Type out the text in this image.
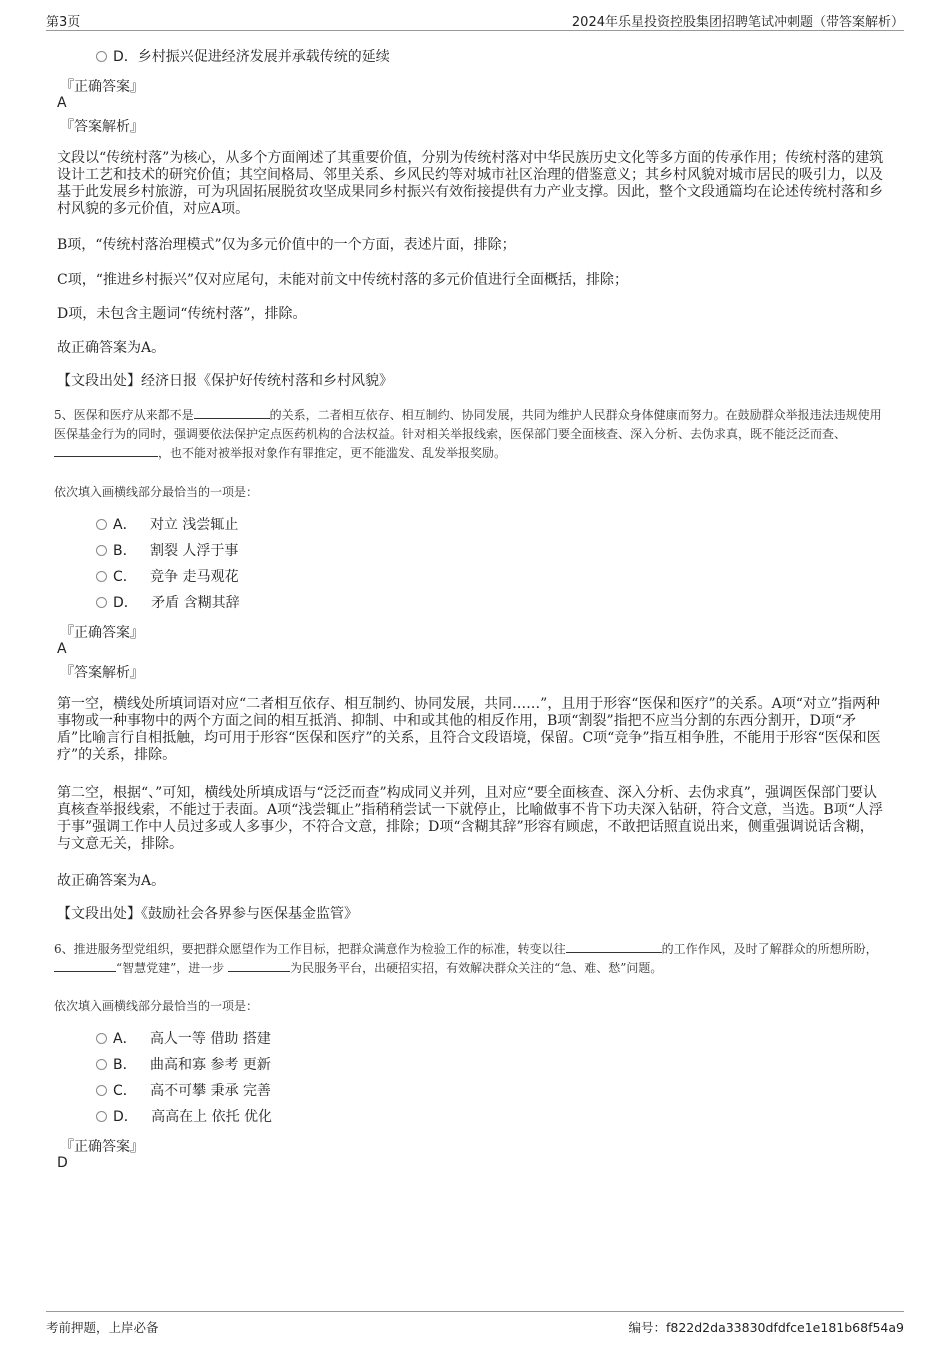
第3页	2024年乐星投资控股集团招聘笔试冲刺题（带答案解析）
D．乡村振兴促进经济发展并承载传统的延续
『正确答案』
A
『答案解析』
文段以“传统村落”为核心，从多个方面阐述了其重要价值，分别为传统村落对中华民族历史文化等多方面的传承作用；传统村落的建筑设计工艺和技术的研究价值；其空间格局、邻里关系、乡风民约等对城市社区治理的借鉴意义；其乡村风貌对城市居民的吸引力，以及基于此发展乡村旅游，可为巩固拓展脱贫攻坚成果同乡村振兴有效衔接提供有力产业支撑。因此，整个文段通篇均在论述传统村落和乡村风貌的多元价值，对应A项。
B项，“传统村落治理模式”仅为多元价值中的一个方面，表述片面，排除；
C项，“推进乡村振兴”仅对应尾句，未能对前文中传统村落的多元价值进行全面概括，排除；
D项，未包含主题词“传统村落”，排除。
故正确答案为A。
【文段出处】经济日报《保护好传统村落和乡村风貌》
5、医保和医疗从来都不是	的关系，二者相互依存、相互制约、协同发展，共同为维护人民群众身体健康而努力。在鼓励群众举报违法违规使用医保基金行为的同时，强调要依法保护定点医药机构的合法权益。针对相关举报线索，医保部门要全面核查、深入分析、去伪求真，既不能泛泛而查、，也不能对被举报对象作有罪推定，更不能滥发、乱发举报奖励。
依次填入画横线部分最恰当的一项是：
A． 对立 浅尝辄止
B． 割裂 人浮于事
C． 竞争 走马观花
D． 矛盾 含糊其辞
『正确答案』
A
『答案解析』
第一空，横线处所填词语对应“二者相互依存、相互制约、协同发展，共同……”，且用于形容“医保和医疗”的关系。A项“对立”指两种事物或一种事物中的两个方面之间的相互抵消、抑制、中和或其他的相反作用，B项“割裂”指把不应当分割的东西分割开，D项“矛盾”比喻言行自相抵触，均可用于形容“医保和医疗”的关系，且符合文段语境，保留。C项“竞争”指互相争胜，不能用于形容“医保和医疗”的关系，排除。
第二空，根据“、”可知，横线处所填成语与“泛泛而查”构成同义并列，且对应“要全面核查、深入分析、去伪求真”，强调医保部门要认真核查举报线索，不能过于表面。A项“浅尝辄止”指稍稍尝试一下就停止，比喻做事不肯下功夫深入钻研，符合文意，当选。B项“人浮于事”强调工作中人员过多或人多事少，不符合文意，排除；D项“含糊其辞”形容有顾虑，不敢把话照直说出来，侧重强调说话含糊，与文意无关，排除。
故正确答案为A。
【文段出处】《鼓励社会各界参与医保基金监管》
6、推进服务型党组织，要把群众愿望作为工作目标，把群众满意作为检验工作的标准，转变以往	的工作作风，及时了解群众的所想所盼， “智慧党建”，进一步	为民服务平台，出硬招实招，有效解决群众关注的“急、难、愁”问题。
依次填入画横线部分最恰当的一项是：
A． 高人一等 借助 搭建
B． 曲高和寡 参考 更新
C． 高不可攀 秉承 完善
D． 高高在上 依托 优化
『正确答案』
D
考前押题，上岸必备	编号：f822d2da33830dfdfce1e181b68f54a9
